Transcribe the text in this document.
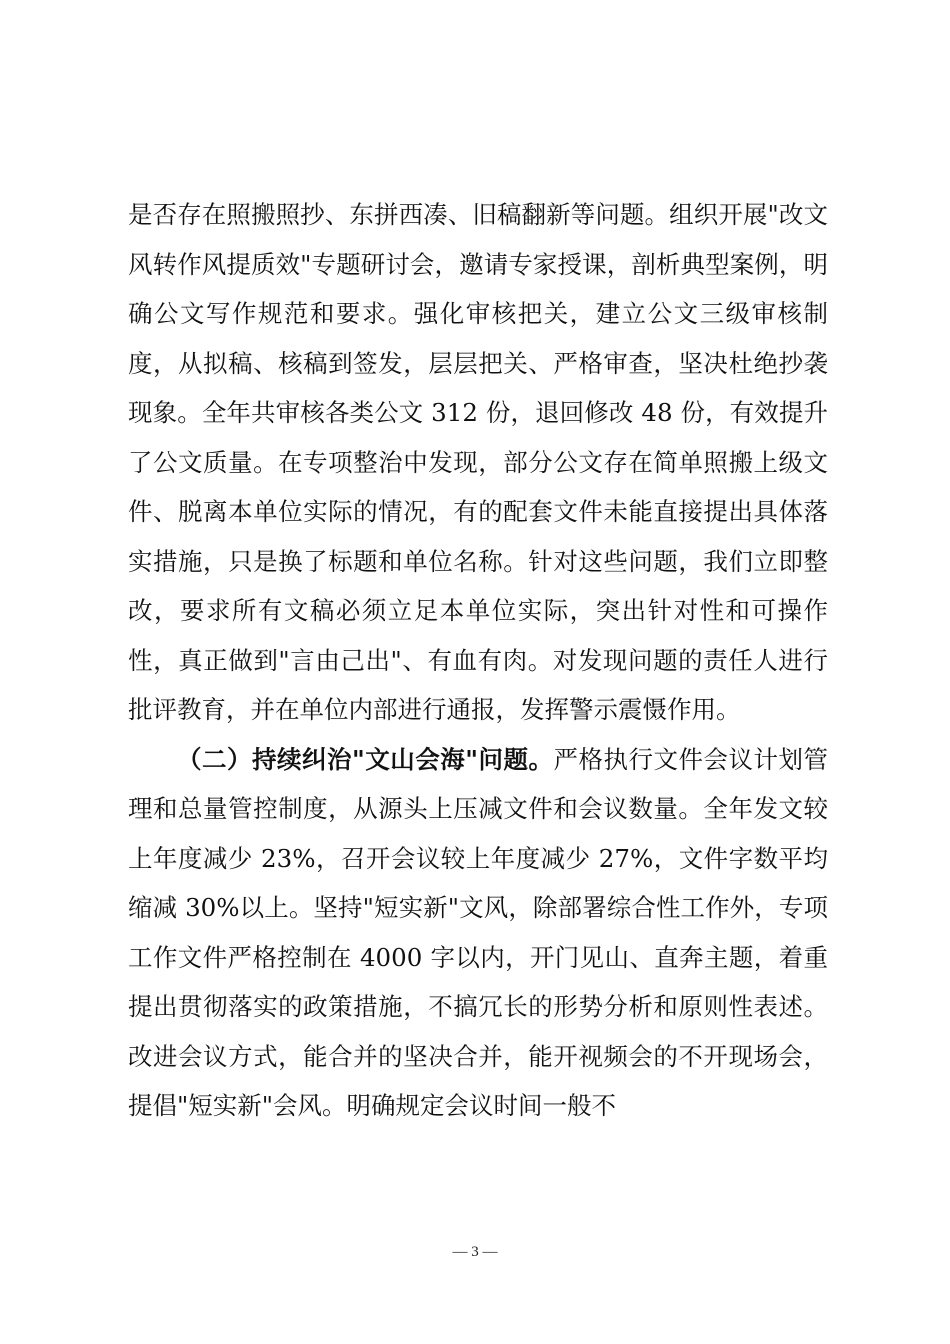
是否存在照搬照抄、东拼西凑、旧稿翻新等问题。组织开展"改文风转作风提质效"专题研讨会，邀请专家授课，剖析典型案例，明确公文写作规范和要求。强化审核把关，建立公文三级审核制度，从拟稿、核稿到签发，层层把关、严格审查，坚决杜绝抄袭现象。全年共审核各类公文 312 份，退回修改 48 份，有效提升了公文质量。在专项整治中发现，部分公文存在简单照搬上级文件、脱离本单位实际的情况，有的配套文件未能直接提出具体落实措施，只是换了标题和单位名称。针对这些问题，我们立即整改，要求所有文稿必须立足本单位实际，突出针对性和可操作性，真正做到"言由己出"、有血有肉。对发现问题的责任人进行批评教育，并在单位内部进行通报，发挥警示震慑作用。

（二）持续纠治"文山会海"问题。严格执行文件会议计划管理和总量管控制度，从源头上压减文件和会议数量。全年发文较上年度减少 23%，召开会议较上年度减少 27%，文件字数平均缩减 30%以上。坚持"短实新"文风，除部署综合性工作外，专项工作文件严格控制在 4000 字以内，开门见山、直奔主题，着重提出贯彻落实的政策措施，不搞冗长的形势分析和原则性表述。改进会议方式，能合并的坚决合并，能开视频会的不开现场会，提倡"短实新"会风。明确规定会议时间一般不

— 3 —
